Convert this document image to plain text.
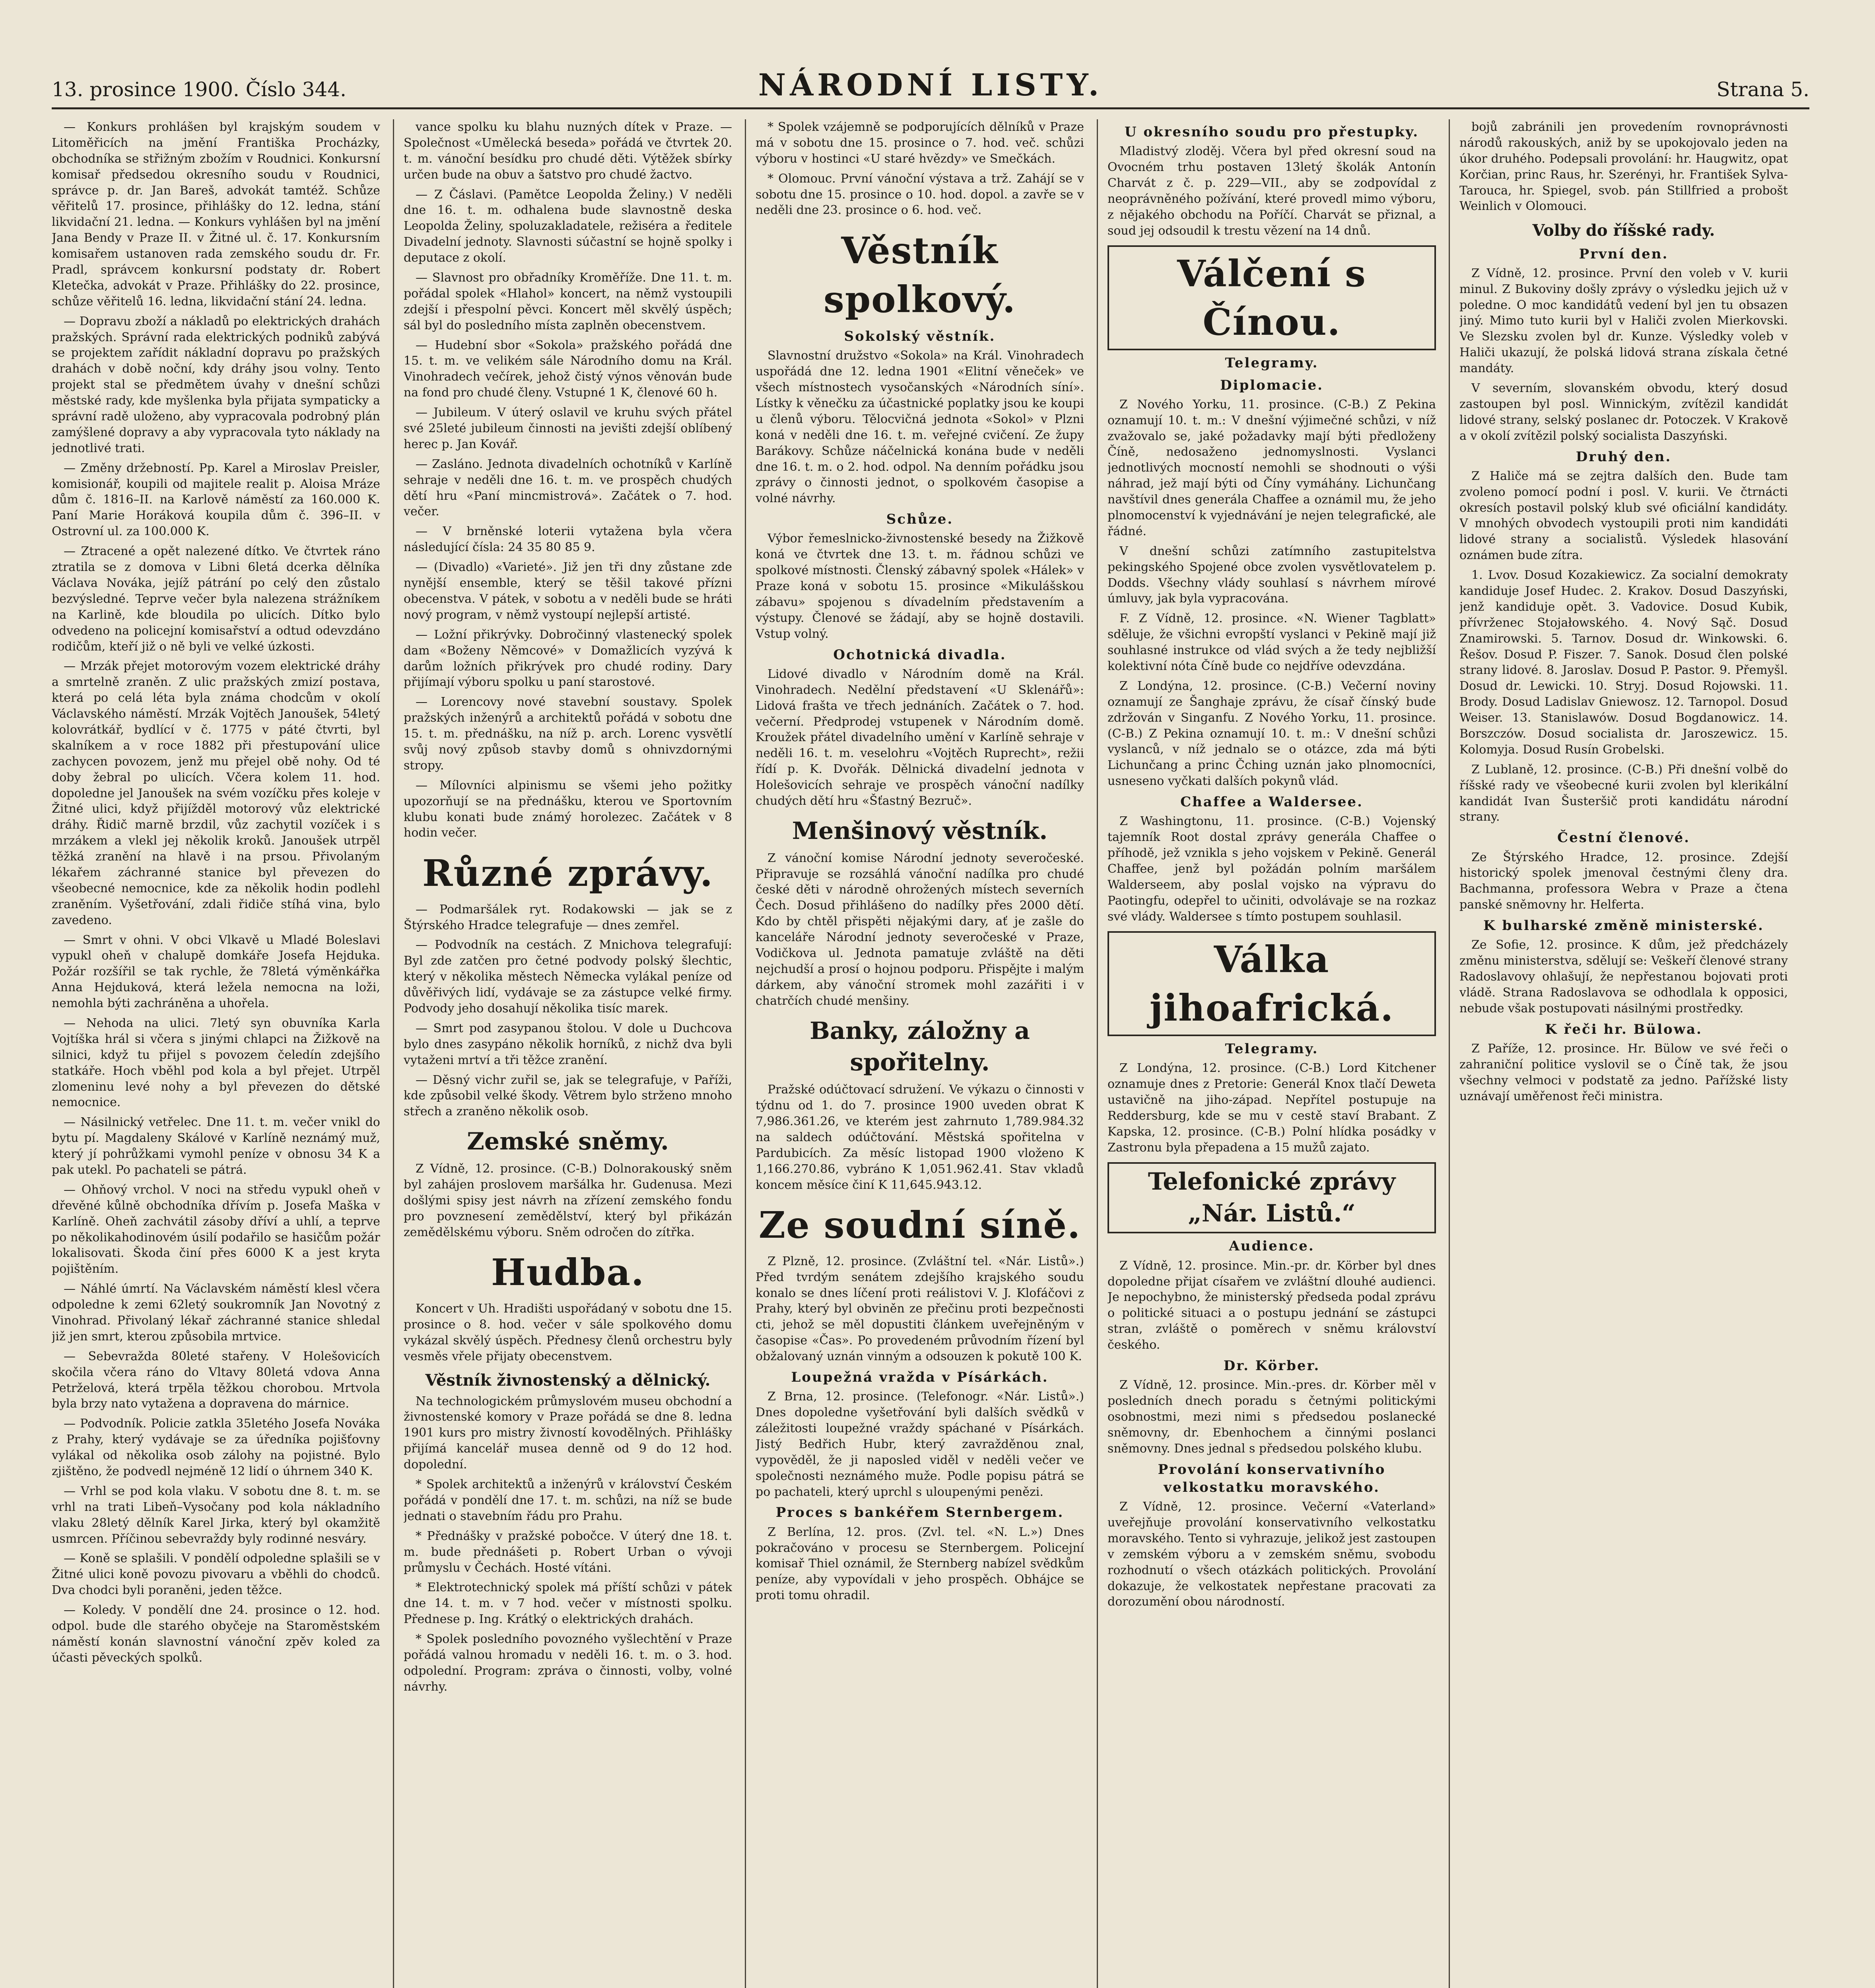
13. prosince 1900. Číslo 344.	NÁRODNÍ LISTY.	Strana 5.

— Konkurs prohlášen byl krajským soudem v Litoměřicích na jmění Františka Procházky, obchodníka se střižným zbožím v Roudnici. Konkursní komisař předsedou okresního soudu v Roudnici, správce p. dr. Jan Bareš, advokát tamtéž. Schůze věřitelů 17. prosince, přihlášky do 12. ledna, stání likvidační 21. ledna. — Konkurs vyhlášen byl na jmění Jana Bendy v Praze II. v Žitné ul. č. 17. Konkursním komisařem ustanoven rada zemského soudu dr. Fr. Pradl, správcem konkursní podstaty dr. Robert Kletečka, advokát v Praze. Přihlášky do 22. prosince, schůze věřitelů 16. ledna, likvidační stání 24. ledna.

— Dopravu zboží a nákladů po elektrických drahách pražských. Správní rada elektrických podniků zabývá se projektem zařídit nákladní dopravu po pražských drahách v době noční, kdy dráhy jsou volny. Tento projekt stal se předmětem úvahy v dnešní schůzi městské rady, kde myšlenka byla přijata sympaticky a správní radě uloženo, aby vypracovala podrobný plán zamýšlené dopravy a aby vypracovala tyto náklady na jednotlivé trati.

— Změny držebností. Pp. Karel a Miroslav Preisler, komisionář, koupili od majitele realit p. Aloisa Mráze dům č. 1816–II. na Karlově náměstí za 160.000 K. Paní Marie Horáková koupila dům č. 396–II. v Ostrovní ul. za 100.000 K.

— Ztracené a opět nalezené dítko. Ve čtvrtek ráno ztratila se z domova v Libni 6letá dcerka dělníka Václava Nováka, jejíž pátrání po celý den zůstalo bezvýsledné. Teprve večer byla nalezena strážníkem na Karlině, kde bloudila po ulicích. Dítko bylo odvedeno na policejní komisařství a odtud odevzdáno rodičům, kteří již o ně byli ve velké úzkosti.

— Mrzák přejet motorovým vozem elektrické dráhy a smrtelně zraněn. Z ulic pražských zmizí postava, která po celá léta byla známa chodcům v okolí Václavského náměstí. Mrzák Vojtěch Janoušek, 54letý kolovrátkář, bydlící v č. 1775 v páté čtvrti, byl skalníkem a v roce 1882 při přestupování ulice zachycen povozem, jenž mu přejel obě nohy. Od té doby žebral po ulicích. Včera kolem 11. hod. dopoledne jel Janoušek na svém vozíčku přes koleje v Žitné ulici, když přijížděl motorový vůz elektrické dráhy. Řidič marně brzdil, vůz zachytil vozíček i s mrzákem a vlekl jej několik kroků. Janoušek utrpěl těžká zranění na hlavě i na prsou. Přivolaným lékařem záchranné stanice byl převezen do všeobecné nemocnice, kde za několik hodin podlehl zraněním. Vyšetřování, zdali řidiče stíhá vina, bylo zavedeno.

— Smrt v ohni. V obci Vlkavě u Mladé Boleslavi vypukl oheň v chalupě domkáře Josefa Hejduka. Požár rozšířil se tak rychle, že 78letá výměnkářka Anna Hejduková, která ležela nemocna na loži, nemohla býti zachráněna a uhořela.

— Nehoda na ulici. 7letý syn obuvníka Karla Vojtíška hrál si včera s jinými chlapci na Žižkově na silnici, když tu přijel s povozem čeledín zdejšího statkáře. Hoch vběhl pod kola a byl přejet. Utrpěl zlomeninu levé nohy a byl převezen do dětské nemocnice.

— Násilnický vetřelec. Dne 11. t. m. večer vnikl do bytu pí. Magdaleny Skálové v Karlíně neznámý muž, který jí pohrůžkami vymohl peníze v obnosu 34 K a pak utekl. Po pachateli se pátrá.

— Ohňový vrchol. V noci na středu vypukl oheň v dřevěné kůlně obchodníka dřívím p. Josefa Maška v Karlíně. Oheň zachvátil zásoby dříví a uhlí, a teprve po několikahodinovém úsilí podařilo se hasičům požár lokalisovati. Škoda činí přes 6000 K a jest kryta pojištěním.

— Náhlé úmrtí. Na Václavském náměstí klesl včera odpoledne k zemi 62letý soukromník Jan Novotný z Vinohrad. Přivolaný lékař záchranné stanice shledal již jen smrt, kterou způsobila mrtvice.

— Sebevražda 80leté stařeny. V Holešovicích skočila včera ráno do Vltavy 80letá vdova Anna Petrželová, která trpěla těžkou chorobou. Mrtvola byla brzy nato vytažena a dopravena do márnice.

— Podvodník. Policie zatkla 35letého Josefa Nováka z Prahy, který vydávaje se za úředníka pojišťovny vylákal od několika osob zálohy na pojistné. Bylo zjištěno, že podvedl nejméně 12 lidí o úhrnem 340 K.

— Vrhl se pod kola vlaku. V sobotu dne 8. t. m. se vrhl na trati Libeň–Vysočany pod kola nákladního vlaku 28letý dělník Karel Jirka, který byl okamžitě usmrcen. Příčinou sebevraždy byly rodinné nesváry.

— Koně se splašili. V pondělí odpoledne splašili se v Žitné ulici koně povozu pivovaru a vběhli do chodců. Dva chodci byli poraněni, jeden těžce.

— Koledy. V pondělí dne 24. prosince o 12. hod. odpol. bude dle starého obyčeje na Staroměstském náměstí konán slavnostní vánoční zpěv koled za účasti pěveckých spolků.

vance spolku ku blahu nuzných dítek v Praze. — Společnost «Umělecká beseda» pořádá ve čtvrtek 20. t. m. vánoční besídku pro chudé děti. Výtěžek sbírky určen bude na obuv a šatstvo pro chudé žactvo.

— Z Čáslavi. (Pamětce Leopolda Želiny.) V neděli dne 16. t. m. odhalena bude slavnostně deska Leopolda Želiny, spoluzakladatele, režiséra a ředitele Divadelní jednoty. Slavnosti súčastní se hojně spolky i deputace z okolí.

— Slavnost pro obřadníky Kroměříže. Dne 11. t. m. pořádal spolek «Hlahol» koncert, na němž vystoupili zdejší i přespolní pěvci. Koncert měl skvělý úspěch; sál byl do posledního místa zaplněn obecenstvem.

— Hudební sbor «Sokola» pražského pořádá dne 15. t. m. ve velikém sále Národního domu na Král. Vinohradech večírek, jehož čistý výnos věnován bude na fond pro chudé členy. Vstupné 1 K, členové 60 h.

— Jubileum. V úterý oslavil ve kruhu svých přátel své 25leté jubileum činnosti na jevišti zdejší oblíbený herec p. Jan Kovář.

— Zasláno. Jednota divadelních ochotníků v Karlíně sehraje v neděli dne 16. t. m. ve prospěch chudých dětí hru «Paní mincmistrová». Začátek o 7. hod. večer.

— V brněnské loterii vytažena byla včera následující čísla: 24 35 80 85 9.

— (Divadlo) «Varieté». Již jen tři dny zůstane zde nynější ensemble, který se těšil takové přízni obecenstva. V pátek, v sobotu a v neděli bude se hráti nový program, v němž vystoupí nejlepší artisté.

— Ložní přikrývky. Dobročinný vlastenecký spolek dam «Boženy Němcové» v Domažlicích vyzývá k darům ložních přikrývek pro chudé rodiny. Dary přijímají výboru spolku u paní starostové.

— Lorencovy nové stavební soustavy. Spolek pražských inženýrů a architektů pořádá v sobotu dne 15. t. m. přednášku, na níž p. arch. Lorenc vysvětlí svůj nový způsob stavby domů s ohnivzdornými stropy.

— Mílovníci alpinismu se všemi jeho požitky upozorňují se na přednášku, kterou ve Sportovním klubu konati bude známý horolezec. Začátek v 8 hodin večer.

Různé zprávy.

— Podmaršálek ryt. Rodakowski — jak se z Štýrského Hradce telegrafuje — dnes zemřel.

— Podvodník na cestách. Z Mnichova telegrafují: Byl zde zatčen pro četné podvody polský šlechtic, který v několika městech Německa vylákal peníze od důvěřivých lidí, vydávaje se za zástupce velké firmy. Podvody jeho dosahují několika tisíc marek.

— Smrt pod zasypanou štolou. V dole u Duchcova bylo dnes zasypáno několik horníků, z nichž dva byli vytaženi mrtví a tři těžce zranění.

— Děsný vichr zuřil se, jak se telegrafuje, v Paříži, kde způsobil velké škody. Větrem bylo strženo mnoho střech a zraněno několik osob.

Zemské sněmy.

Z Vídně, 12. prosince. (C-B.) Dolnorakouský sněm byl zahájen proslovem maršálka hr. Gudenusa. Mezi došlými spisy jest návrh na zřízení zemského fondu pro povznesení zemědělství, který byl přikázán zemědělskému výboru. Sněm odročen do zítřka.

Hudba.

Koncert v Uh. Hradišti uspořádaný v sobotu dne 15. prosince o 8. hod. večer v sále spolkového domu vykázal skvělý úspěch. Přednesy členů orchestru byly vesměs vřele přijaty obecenstvem.

Věstník živnostenský a dělnický.

Na technologickém průmyslovém museu obchodní a živnostenské komory v Praze pořádá se dne 8. ledna 1901 kurs pro mistry živností kovodělných. Přihlášky přijímá kancelář musea denně od 9 do 12 hod. dopolední.

* Spolek architektů a inženýrů v království Českém pořádá v pondělí dne 17. t. m. schůzi, na níž se bude jednati o stavebním řádu pro Prahu.

* Přednášky v pražské pobočce. V úterý dne 18. t. m. bude přednášeti p. Robert Urban o vývoji průmyslu v Čechách. Hosté vítáni.

* Elektrotechnický spolek má příští schůzi v pátek dne 14. t. m. v 7 hod. večer v místnosti spolku. Přednese p. Ing. Krátký o elektrických drahách.

* Spolek posledního povozného vyšlechtění v Praze pořádá valnou hromadu v neděli 16. t. m. o 3. hod. odpolední. Program: zpráva o činnosti, volby, volné návrhy.

* Spolek vzájemně se podporujících dělníků v Praze má v sobotu dne 15. prosince o 7. hod. več. schůzi výboru v hostinci «U staré hvězdy» ve Smečkách.

* Olomouc. První vánoční výstava a trž. Zahájí se v sobotu dne 15. prosince o 10. hod. dopol. a zavře se v neděli dne 23. prosince o 6. hod. več.

Věstník spolkový.
Sokolský věstník.

Slavnostní družstvo «Sokola» na Král. Vinohradech uspořádá dne 12. ledna 1901 «Elitní věneček» ve všech místnostech vysočanských «Národních síní». Lístky k věnečku za účastnické poplatky jsou ke koupi u členů výboru. Tělocvičná jednota «Sokol» v Plzni koná v neděli dne 16. t. m. veřejné cvičení. Ze župy Barákovy. Schůze náčelnická konána bude v neděli dne 16. t. m. o 2. hod. odpol. Na denním pořádku jsou zprávy o činnosti jednot, o spolkovém časopise a volné návrhy.

Schůze.

Výbor řemeslnicko-živnostenské besedy na Žižkově koná ve čtvrtek dne 13. t. m. řádnou schůzi ve spolkové místnosti. Členský zábavný spolek «Hálek» v Praze koná v sobotu 15. prosince «Mikulášskou zábavu» spojenou s dívadelním představením a výstupy. Členové se žádají, aby se hojně dostavili. Vstup volný.

Ochotnická divadla.

Lidové divadlo v Národním domě na Král. Vinohradech. Nedělní představení «U Sklenářů»: Lidová frašta ve třech jednáních. Začátek o 7. hod. večerní. Předprodej vstupenek v Národním domě. Kroužek přátel divadelního umění v Karlíně sehraje v neděli 16. t. m. veselohru «Vojtěch Ruprecht», režii řídí p. K. Dvořák. Dělnická divadelní jednota v Holešovicích sehraje ve prospěch vánoční nadílky chudých dětí hru «Šťastný Bezruč».

Menšinový věstník.

Z vánoční komise Národní jednoty severočeské. Připravuje se rozsáhlá vánoční nadílka pro chudé české děti v národně ohrožených místech severních Čech. Dosud přihlášeno do nadílky přes 2000 dětí. Kdo by chtěl přispěti nějakými dary, ať je zašle do kanceláře Národní jednoty severočeské v Praze, Vodičkova ul. Jednota pamatuje zvláště na děti nejchudší a prosí o hojnou podporu. Přispějte i malým dárkem, aby vánoční stromek mohl zazářiti i v chatrčích chudé menšiny.

Banky, záložny a spořitelny.

Pražské odúčtovací sdružení. Ve výkazu o činnosti v týdnu od 1. do 7. prosince 1900 uveden obrat K 7,986.361.26, ve kterém jest zahrnuto 1,789.984.32 na saldech odúčtování. Městská spořitelna v Pardubicích. Za měsíc listopad 1900 vloženo K 1,166.270.86, vybráno K 1,051.962.41. Stav vkladů koncem měsíce činí K 11,645.943.12.

Ze soudní síně.

Z Plzně, 12. prosince. (Zvláštní tel. «Nár. Listů».) Před tvrdým senátem zdejšího krajského soudu konalo se dnes líčení proti reálistovi V. J. Klofáčovi z Prahy, který byl obviněn ze přečinu proti bezpečnosti cti, jehož se měl dopustiti článkem uveřejněným v časopise «Čas». Po provedeném průvodním řízení byl obžalovaný uznán vinným a odsouzen k pokutě 100 K.

Loupežná vražda v Písárkách.

Z Brna, 12. prosince. (Telefonogr. «Nár. Listů».) Dnes dopoledne vyšetřování byli dalších svědků v záležitosti loupežné vraždy spáchané v Písárkách. Jistý Bedřich Hubr, který zavražděnou znal, vypověděl, že ji naposled viděl v neděli večer ve společnosti neznámého muže. Podle popisu pátrá se po pachateli, který uprchl s uloupenými penězi.

Proces s bankéřem Sternbergem.

Z Berlína, 12. pros. (Zvl. tel. «N. L.») Dnes pokračováno v procesu se Sternbergem. Policejní komisař Thiel oznámil, že Sternberg nabízel svědkům peníze, aby vypovídali v jeho prospěch. Obhájce se proti tomu ohradil.

U okresního soudu pro přestupky.

Mladistvý zloděj. Včera byl před okresní soud na Ovocném trhu postaven 13letý školák Antonín Charvát z č. p. 229—VII., aby se zodpovídal z neoprávněného požívání, které provedl mimo výboru, z nějakého obchodu na Poříčí. Charvát se přiznal, a soud jej odsoudil k trestu vězení na 14 dnů.

Válčení s Čínou.
Telegramy.
Diplomacie.

Z Nového Yorku, 11. prosince. (C-B.) Z Pekina oznamují 10. t. m.: V dnešní výjimečné schůzi, v níž zvažovalo se, jaké požadavky mají býti předloženy Číně, nedosaženo jednomyslnosti. Vyslanci jednotlivých mocností nemohli se shodnouti o výši náhrad, jež mají býti od Číny vymáhány. Lichunčang navštívil dnes generála Chaffee a oznámil mu, že jeho plnomocenství k vyjednávání je nejen telegrafické, ale řádné.

V dnešní schůzi zatímního zastupitelstva pekingského Spojené obce zvolen vysvětlovatelem p. Dodds. Všechny vlády souhlasí s návrhem mírové úmluvy, jak byla vypracována.

F. Z Vídně, 12. prosince. «N. Wiener Tagblatt» sděluje, že všichni evropští vyslanci v Pekině mají již souhlasné instrukce od vlád svých a že tedy nejbližší kolektivní nóta Číně bude co nejdříve odevzdána.

Z Londýna, 12. prosince. (C-B.) Večerní noviny oznamují ze Šanghaje zprávu, že císař čínský bude zdržován v Singanfu. Z Nového Yorku, 11. prosince. (C-B.) Z Pekina oznamují 10. t. m.: V dnešní schůzi vyslanců, v níž jednalo se o otázce, zda má býti Lichunčang a princ Čching uznán jako plnomocníci, usneseno vyčkati dalších pokynů vlád.

Chaffee a Waldersee.

Z Washingtonu, 11. prosince. (C-B.) Vojenský tajemník Root dostal zprávy generála Chaffee o příhodě, jež vznikla s jeho vojskem v Pekině. Generál Chaffee, jenž byl požádán polním maršálem Walderseem, aby poslal vojsko na výpravu do Paotingfu, odepřel to učiniti, odvolávaje se na rozkaz své vlády. Waldersee s tímto postupem souhlasil.

Válka jihoafrická.
Telegramy.

Z Londýna, 12. prosince. (C-B.) Lord Kitchener oznamuje dnes z Pretorie: Generál Knox tlačí Deweta ustavičně na jiho-západ. Nepřítel postupuje na Reddersburg, kde se mu v cestě staví Brabant. Z Kapska, 12. prosince. (C-B.) Polní hlídka posádky v Zastronu byla přepadena a 15 mužů zajato.

Telefonické zprávy „Nár. Listů.“
Audience.

Z Vídně, 12. prosince. Min.-pr. dr. Körber byl dnes dopoledne přijat císařem ve zvláštní dlouhé audienci. Je nepochybno, že ministerský předseda podal zprávu o politické situaci a o postupu jednání se zástupci stran, zvláště o poměrech v sněmu království českého.

Dr. Körber.

Z Vídně, 12. prosince. Min.-pres. dr. Körber měl v posledních dnech poradu s četnými politickými osobnostmi, mezi nimi s předsedou poslanecké sněmovny, dr. Ebenhochem a činnými poslanci sněmovny. Dnes jednal s předsedou polského klubu.

Provolání konservativního velkostatku moravského.

Z Vídně, 12. prosince. Večerní «Vaterland» uveřejňuje provolání konservativního velkostatku moravského. Tento si vyhrazuje, jelikož jest zastoupen v zemském výboru a v zemském sněmu, svobodu rozhodnutí o všech otázkách politických. Provolání dokazuje, že velkostatek nepřestane pracovati za dorozumění obou národností.

bojů zabránili jen provedením rovnoprávnosti národů rakouských, aniž by se upokojovalo jeden na úkor druhého. Podepsali provolání: hr. Haugwitz, opat Korčian, princ Raus, hr. Szerényi, hr. František Sylva-Tarouca, hr. Spiegel, svob. pán Stillfried a probošt Weinlich v Olomouci.

Volby do říšské rady.
První den.

Z Vídně, 12. prosince. První den voleb v V. kurii minul. Z Bukoviny došly zprávy o výsledku jejich už v poledne. O moc kandidátů vedení byl jen tu obsazen jiný. Mimo tuto kurii byl v Haliči zvolen Mierkovski. Ve Slezsku zvolen byl dr. Kunze. Výsledky voleb v Haliči ukazují, že polská lidová strana získala četné mandáty.

V severním, slovanském obvodu, který dosud zastoupen byl posl. Winnickým, zvítězil kandidát lidové strany, selský poslanec dr. Potoczek. V Krakově a v okolí zvítězil polský socialista Daszyński.

Druhý den.

Z Haliče má se zejtra dalších den. Bude tam zvoleno pomocí podní i posl. V. kurii. Ve čtrnácti okresích postavil polský klub své oficiální kandidáty. V mnohých obvodech vystoupili proti nim kandidáti lidové strany a socialistů. Výsledek hlasování oznámen bude zítra.

1. Lvov. Dosud Kozakiewicz. Za socialní demokraty kandiduje Josef Hudec. 2. Krakov. Dosud Daszyński, jenž kandiduje opět. 3. Vadovice. Dosud Kubik, přívrženec Stojałowského. 4. Nový Sąč. Dosud Znamirowski. 5. Tarnov. Dosud dr. Winkowski. 6. Řešov. Dosud P. Fiszer. 7. Sanok. Dosud člen polské strany lidové. 8. Jaroslav. Dosud P. Pastor. 9. Přemyšl. Dosud dr. Lewicki. 10. Stryj. Dosud Rojowski. 11. Brody. Dosud Ladislav Gniewosz. 12. Tarnopol. Dosud Weiser. 13. Stanislawów. Dosud Bogdanowicz. 14. Borszczów. Dosud socialista dr. Jaroszewicz. 15. Kolomyja. Dosud Rusín Grobelski.

Z Lublaně, 12. prosince. (C-B.) Při dnešní volbě do říšské rady ve všeobecné kurii zvolen byl klerikální kandidát Ivan Šusteršič proti kandidátu národní strany.

Čestní členové.

Ze Štýrského Hradce, 12. prosince. Zdejší historický spolek jmenoval čestnými členy dra. Bachmanna, professora Webra v Praze a čtena panské sněmovny hr. Helferta.

K bulharské změně ministerské.

Ze Sofie, 12. prosince. K dům, jež předcházely změnu ministerstva, sdělují se: Veškeří členové strany Radoslavovy ohlašují, že nepřestanou bojovati proti vládě. Strana Radoslavova se odhodlala k opposici, nebude však postupovati násilnými prostředky.

K řeči hr. Bülowa.

Z Paříže, 12. prosince. Hr. Bülow ve své řeči o zahraniční politice vyslovil se o Číně tak, že jsou všechny velmoci v podstatě za jedno. Pařížské listy uznávají uměřenost řeči ministra.
